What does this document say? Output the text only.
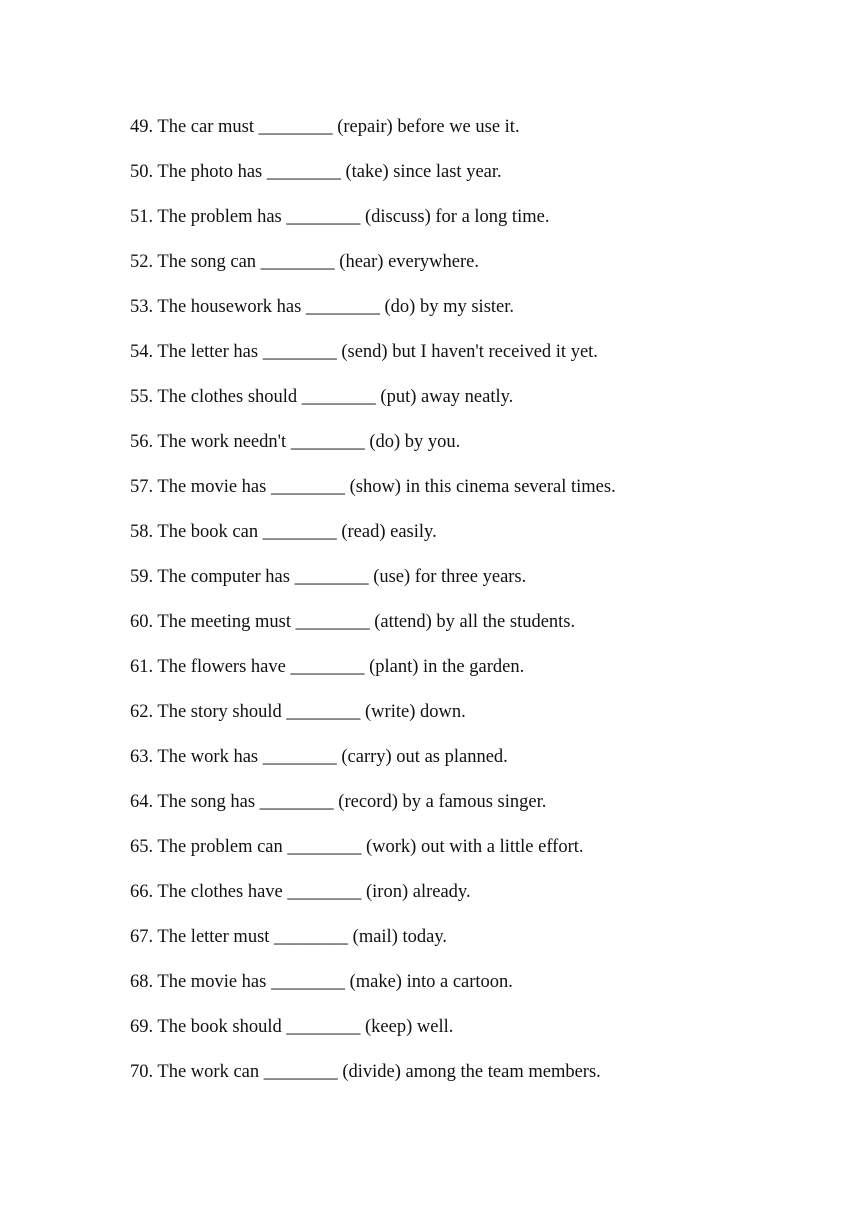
49. The car must ________ (repair) before we use it.
50. The photo has ________ (take) since last year.
51. The problem has ________ (discuss) for a long time.
52. The song can ________ (hear) everywhere.
53. The housework has ________ (do) by my sister.
54. The letter has ________ (send) but I haven't received it yet.
55. The clothes should ________ (put) away neatly.
56. The work needn't ________ (do) by you.
57. The movie has ________ (show) in this cinema several times.
58. The book can ________ (read) easily.
59. The computer has ________ (use) for three years.
60. The meeting must ________ (attend) by all the students.
61. The flowers have ________ (plant) in the garden.
62. The story should ________ (write) down.
63. The work has ________ (carry) out as planned.
64. The song has ________ (record) by a famous singer.
65. The problem can ________ (work) out with a little effort.
66. The clothes have ________ (iron) already.
67. The letter must ________ (mail) today.
68. The movie has ________ (make) into a cartoon.
69. The book should ________ (keep) well.
70. The work can ________ (divide) among the team members.
